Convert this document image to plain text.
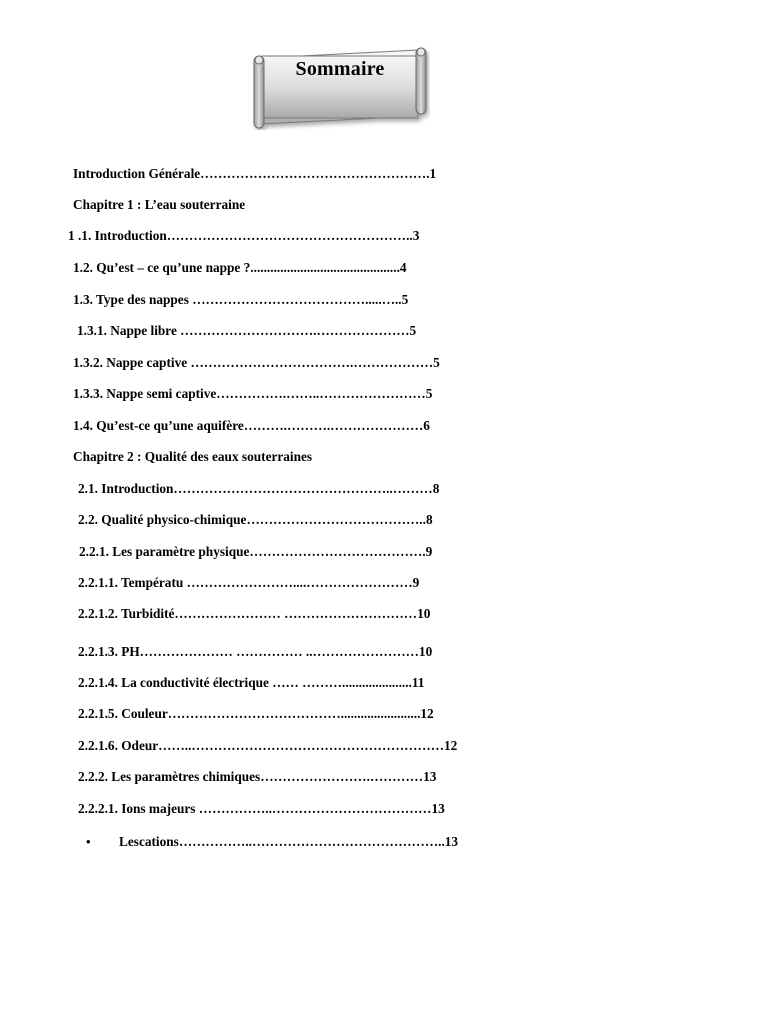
Sommaire
Introduction Générale…………………………………………….1
Chapitre 1 : L’eau souterraine
1 .1. Introduction………………………………………………..3
1.2. Qu’est – ce qu’une nappe ?.............................................4
1.3. Type des nappes ………………………………….....…..5
1.3.1. Nappe libre ………………………….…………………5
1.3.2. Nappe captive ……………………………….………………5
1.3.3. Nappe semi captive…………….……..……………………5
1.4. Qu’est-ce qu’une aquifère……….……….…………………6
Chapitre 2 : Qualité des eaux souterraines
2.1. Introduction…………………………………………..………8
2.2. Qualité physico-chimique…………………………………..8
2.2.1. Les paramètre physique………………………………….9
2.2.1.1. Températu ……………………....……………………9
2.2.1.2. Turbidité…………………… …………………………10
2.2.1.3. PH………………… …………… ..……………………10
2.2.1.4. La conductivité électrique …… ……….....................11
2.2.1.5. Couleur…………………………………........................12
2.2.1.6. Odeur……..…………………………………………………12
2.2.2. Les paramètres chimiques…………………….…………13
2.2.2.1. Ions majeurs ……………..………………………………13
• Lescations……………..……………………………………..13
